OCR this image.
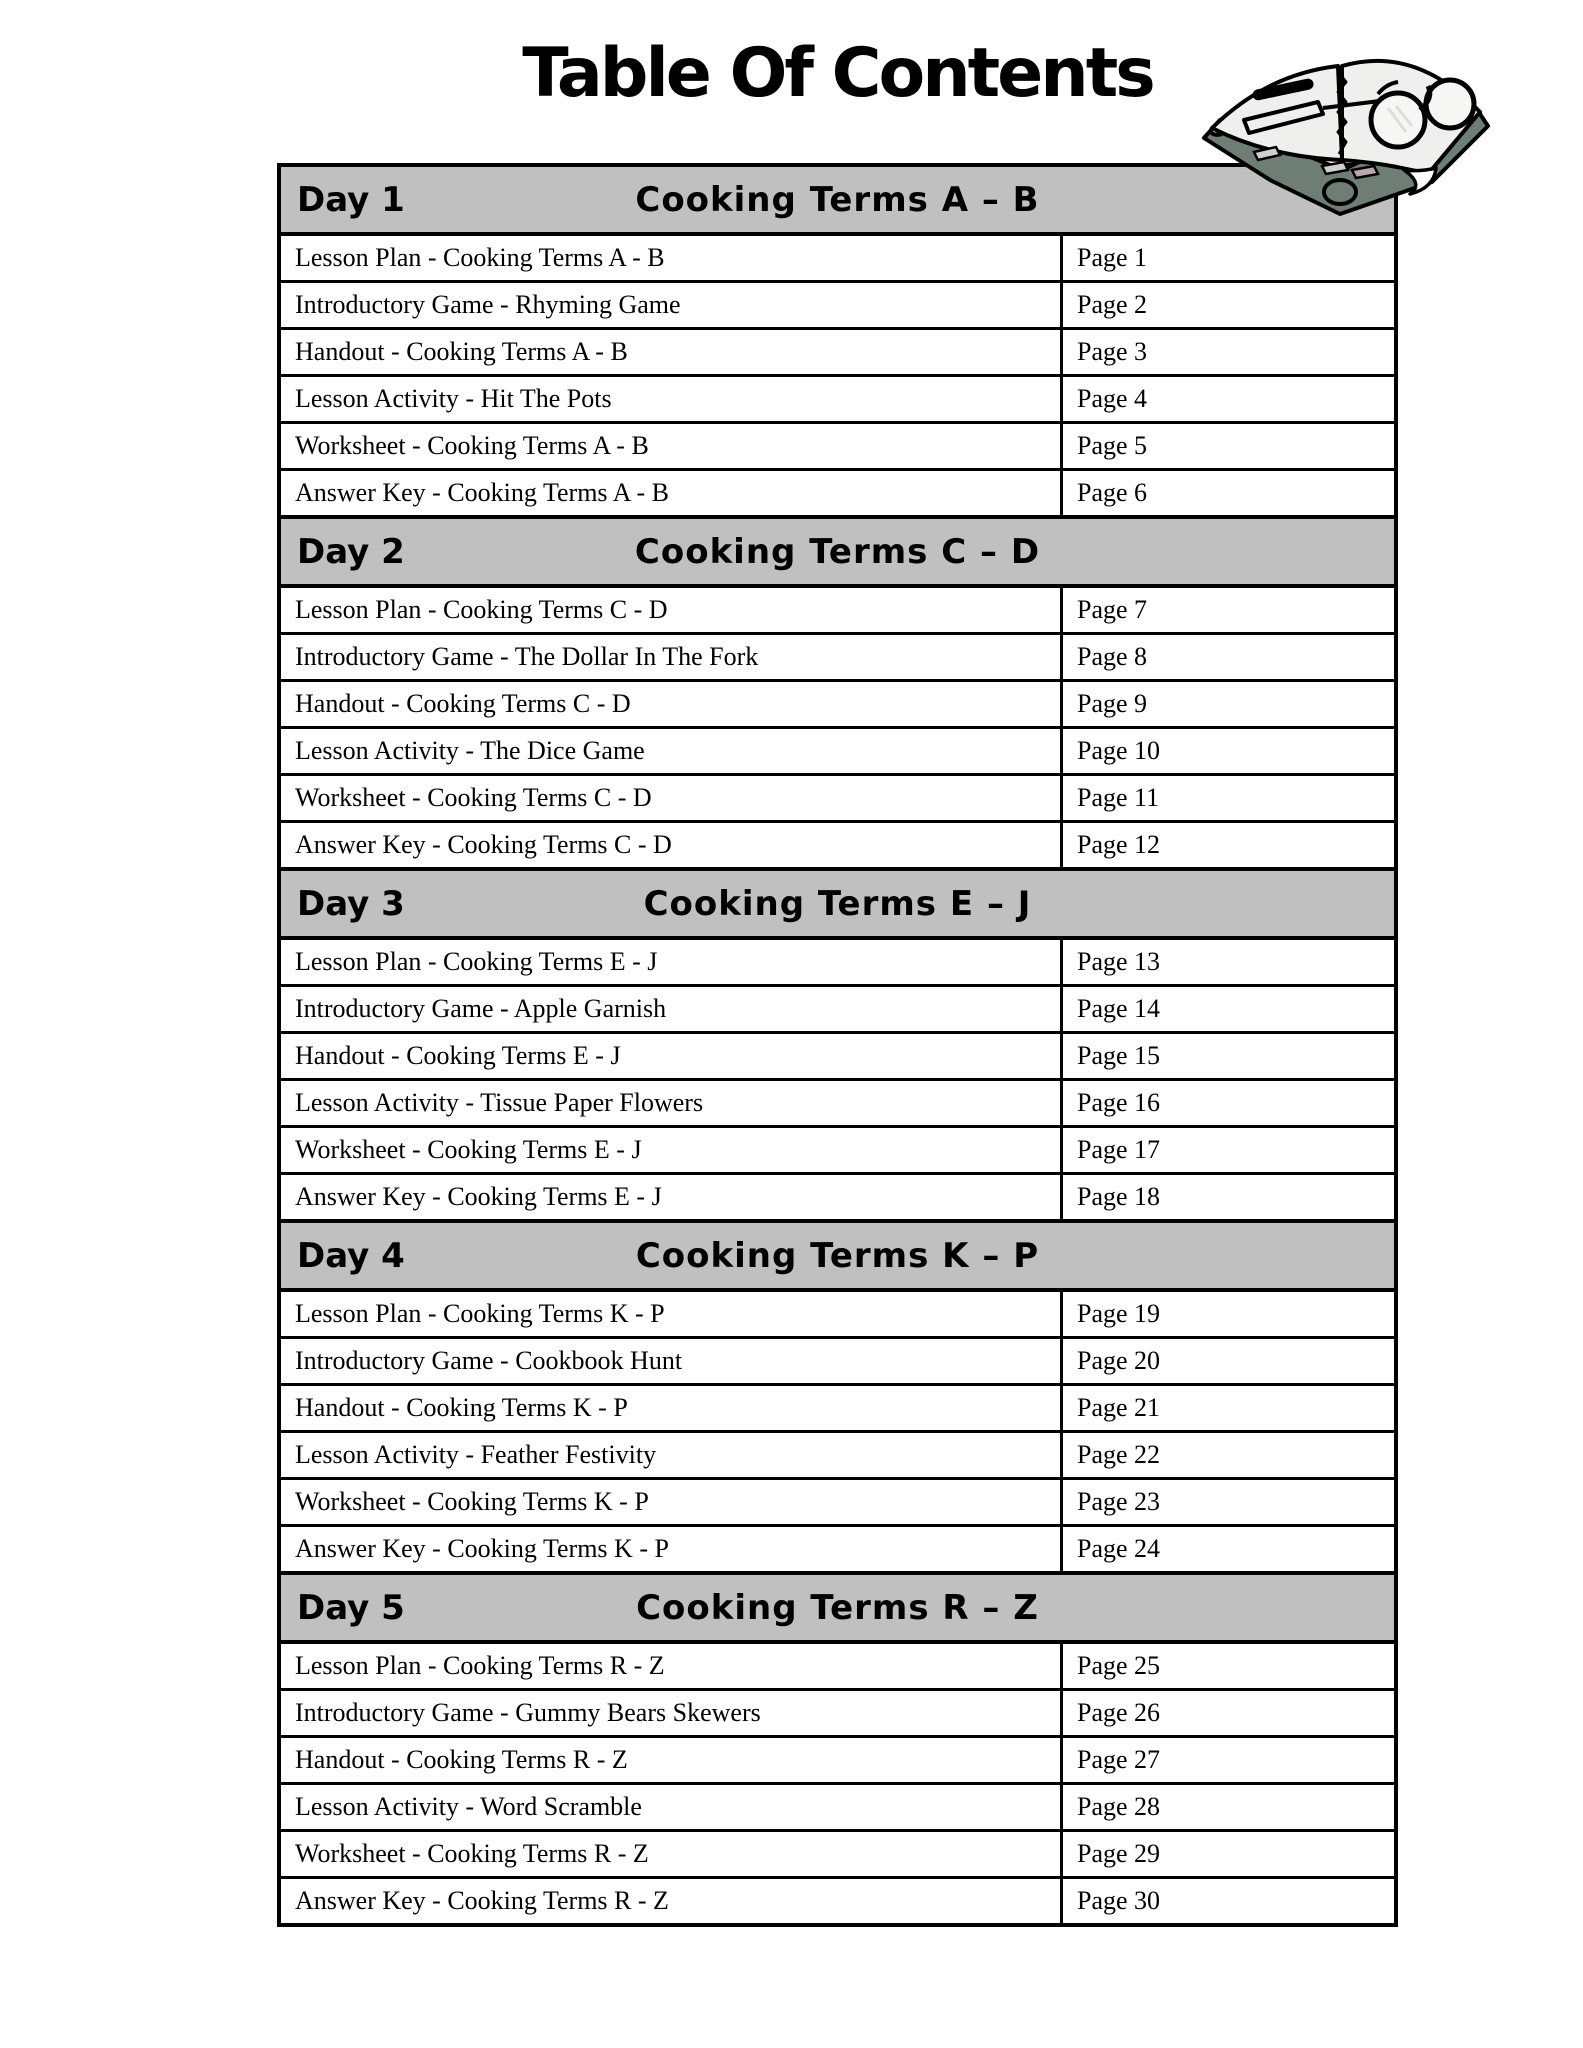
Table Of Contents
Day 1	Cooking Terms A – B
Lesson Plan - Cooking Terms A - B	Page 1
Introductory Game - Rhyming Game	Page 2
Handout - Cooking Terms A - B	Page 3
Lesson Activity - Hit The Pots	Page 4
Worksheet - Cooking Terms A - B	Page 5
Answer Key - Cooking Terms A - B	Page 6
Day 2	Cooking Terms C – D
Lesson Plan - Cooking Terms C - D	Page 7
Introductory Game - The Dollar In The Fork	Page 8
Handout - Cooking Terms C - D	Page 9
Lesson Activity - The Dice Game	Page 10
Worksheet - Cooking Terms C - D	Page 11
Answer Key - Cooking Terms C - D	Page 12
Day 3	Cooking Terms E – J
Lesson Plan - Cooking Terms E - J	Page 13
Introductory Game - Apple Garnish	Page 14
Handout - Cooking Terms E - J	Page 15
Lesson Activity - Tissue Paper Flowers	Page 16
Worksheet - Cooking Terms E - J	Page 17
Answer Key - Cooking Terms E - J	Page 18
Day 4	Cooking Terms K – P
Lesson Plan - Cooking Terms K - P	Page 19
Introductory Game - Cookbook Hunt	Page 20
Handout - Cooking Terms K - P	Page 21
Lesson Activity - Feather Festivity	Page 22
Worksheet - Cooking Terms K - P	Page 23
Answer Key - Cooking Terms K - P	Page 24
Day 5	Cooking Terms R – Z
Lesson Plan - Cooking Terms R - Z	Page 25
Introductory Game - Gummy Bears Skewers	Page 26
Handout - Cooking Terms R - Z	Page 27
Lesson Activity - Word Scramble	Page 28
Worksheet - Cooking Terms R - Z	Page 29
Answer Key - Cooking Terms R - Z	Page 30
